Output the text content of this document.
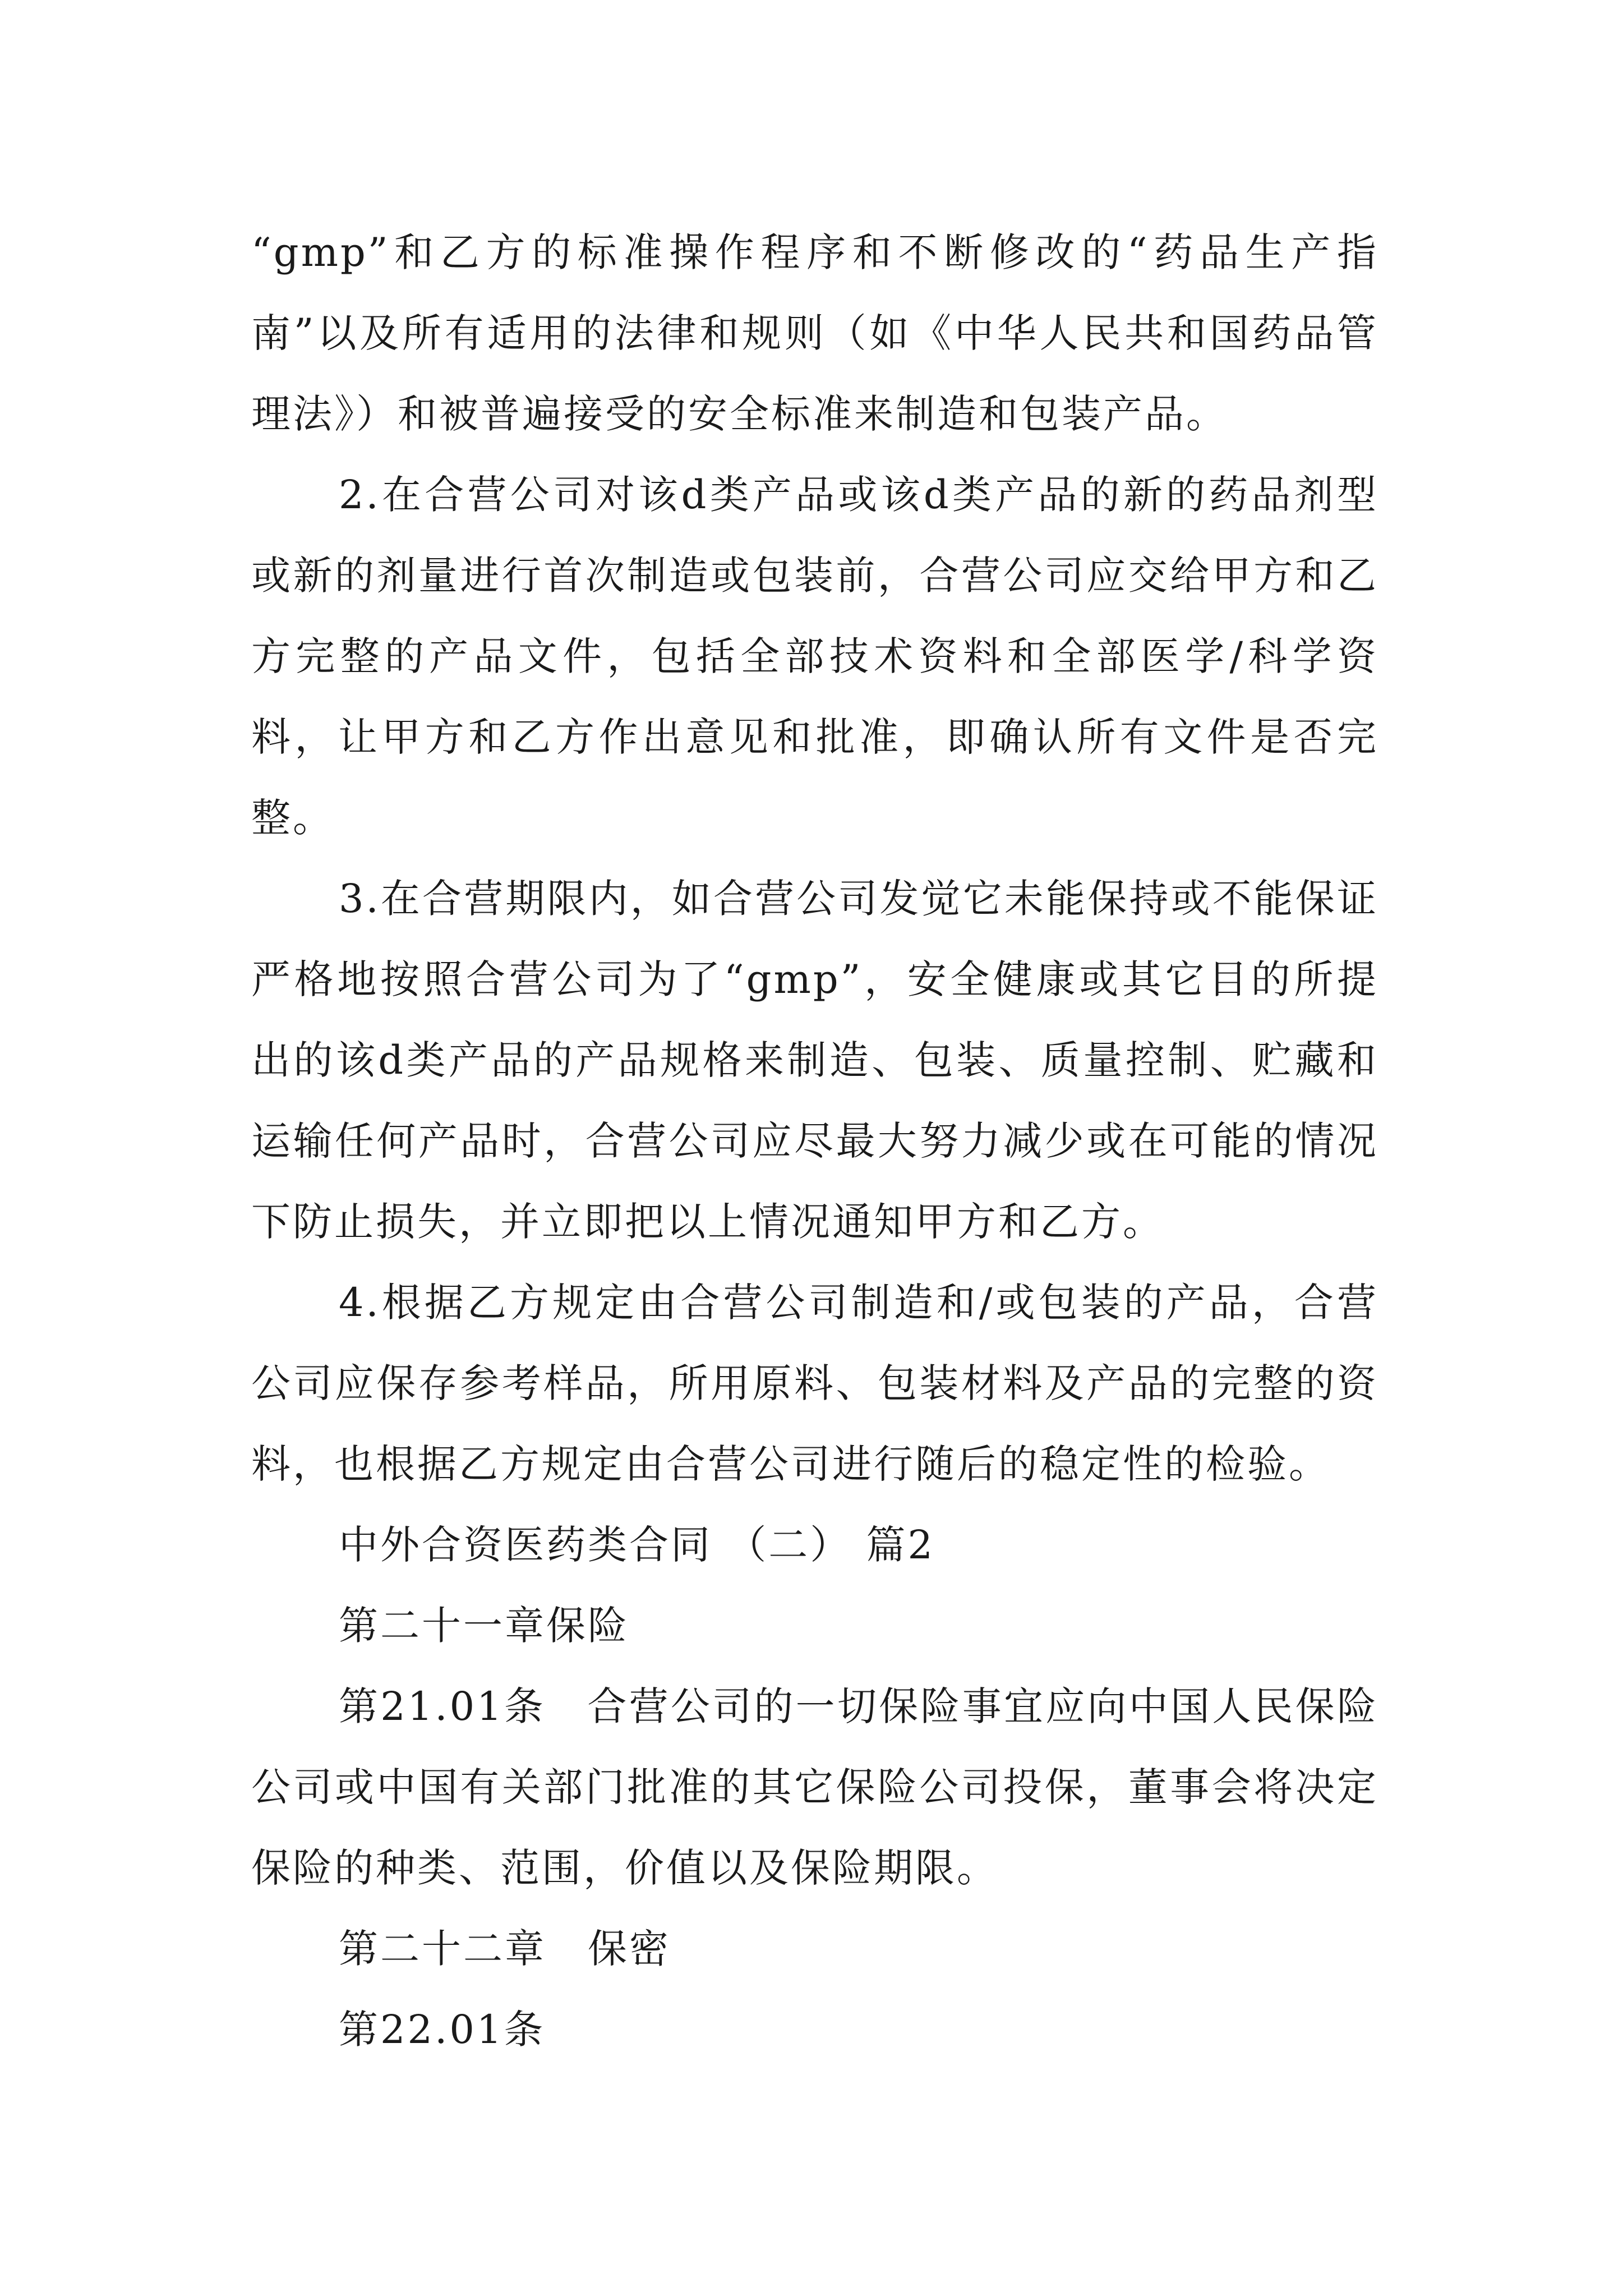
“gmp”和乙方的标准操作程序和不断修改的“药品生产指南”以及所有适用的法律和规则（如《中华人民共和国药品管理法》）和被普遍接受的安全标准来制造和包装产品。

2.在合营公司对该d类产品或该d类产品的新的药品剂型或新的剂量进行首次制造或包装前，合营公司应交给甲方和乙方完整的产品文件，包括全部技术资料和全部医学/科学资料，让甲方和乙方作出意见和批准，即确认所有文件是否完整。

3.在合营期限内，如合营公司发觉它未能保持或不能保证严格地按照合营公司为了“gmp”，安全健康或其它目的所提出的该d类产品的产品规格来制造、包装、质量控制、贮藏和运输任何产品时，合营公司应尽最大努力减少或在可能的情况下防止损失，并立即把以上情况通知甲方和乙方。

4.根据乙方规定由合营公司制造和/或包装的产品，合营公司应保存参考样品，所用原料、包装材料及产品的完整的资料，也根据乙方规定由合营公司进行随后的稳定性的检验。

中外合资医药类合同 （二） 篇2

第二十一章保险

第21.01条　合营公司的一切保险事宜应向中国人民保险公司或中国有关部门批准的其它保险公司投保，董事会将决定保险的种类、范围，价值以及保险期限。

第二十二章　保密

第22.01条
